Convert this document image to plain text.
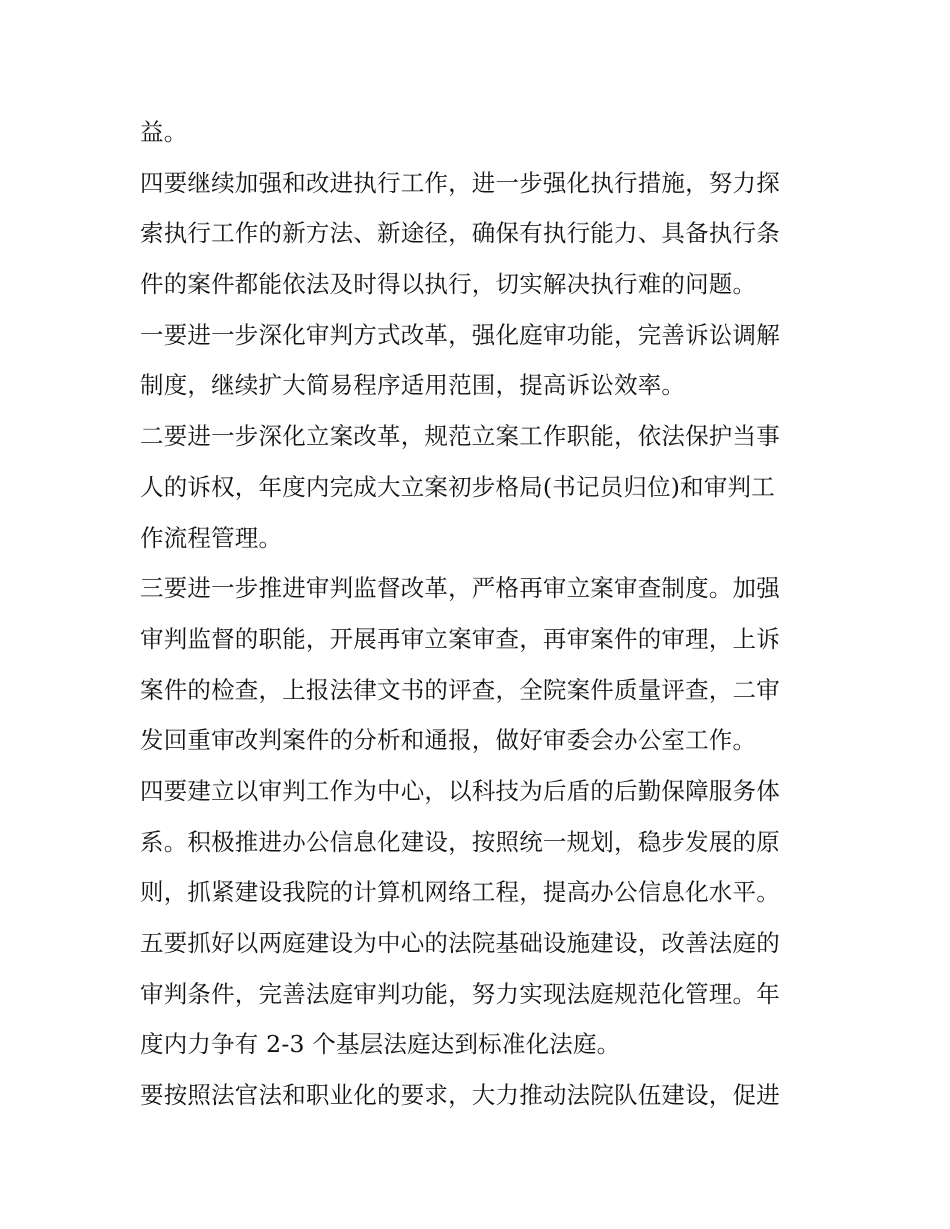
益。
四要继续加强和改进执行工作，进一步强化执行措施，努力探
索执行工作的新方法、新途径，确保有执行能力、具备执行条
件的案件都能依法及时得以执行，切实解决执行难的问题。
一要进一步深化审判方式改革，强化庭审功能，完善诉讼调解
制度，继续扩大简易程序适用范围，提高诉讼效率。
二要进一步深化立案改革，规范立案工作职能，依法保护当事
人的诉权，年度内完成大立案初步格局(书记员归位)和审判工
作流程管理。
三要进一步推进审判监督改革，严格再审立案审查制度。加强
审判监督的职能，开展再审立案审查，再审案件的审理，上诉
案件的检查，上报法律文书的评查，全院案件质量评查，二审
发回重审改判案件的分析和通报，做好审委会办公室工作。
四要建立以审判工作为中心，以科技为后盾的后勤保障服务体
系。积极推进办公信息化建设，按照统一规划，稳步发展的原
则，抓紧建设我院的计算机网络工程，提高办公信息化水平。
五要抓好以两庭建设为中心的法院基础设施建设，改善法庭的
审判条件，完善法庭审判功能，努力实现法庭规范化管理。年
度内力争有 2-3 个基层法庭达到标准化法庭。
要按照法官法和职业化的要求，大力推动法院队伍建设，促进
